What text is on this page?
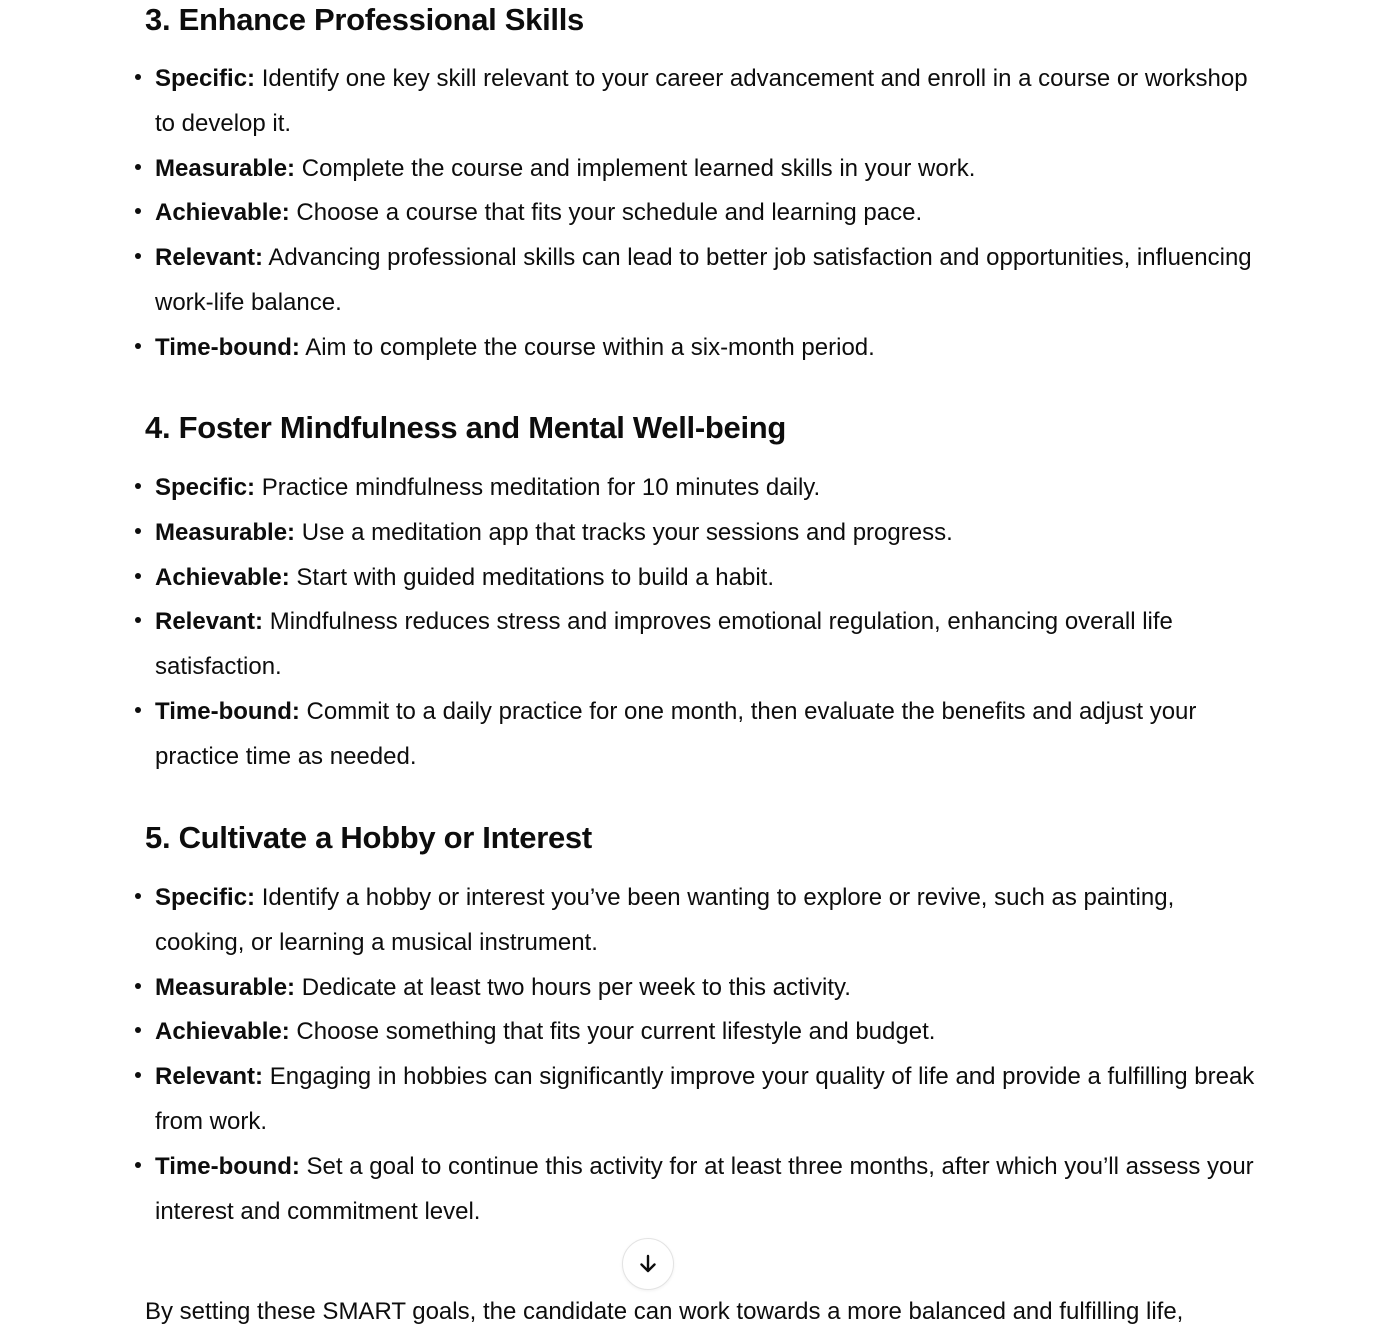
3. Enhance Professional Skills
Specific: Identify one key skill relevant to your career advancement and enroll in a course or workshop to develop it.
Measurable: Complete the course and implement learned skills in your work.
Achievable: Choose a course that fits your schedule and learning pace.
Relevant: Advancing professional skills can lead to better job satisfaction and opportunities, influencing work-life balance.
Time-bound: Aim to complete the course within a six-month period.
4. Foster Mindfulness and Mental Well-being
Specific: Practice mindfulness meditation for 10 minutes daily.
Measurable: Use a meditation app that tracks your sessions and progress.
Achievable: Start with guided meditations to build a habit.
Relevant: Mindfulness reduces stress and improves emotional regulation, enhancing overall life satisfaction.
Time-bound: Commit to a daily practice for one month, then evaluate the benefits and adjust your practice time as needed.
5. Cultivate a Hobby or Interest
Specific: Identify a hobby or interest you’ve been wanting to explore or revive, such as painting, cooking, or learning a musical instrument.
Measurable: Dedicate at least two hours per week to this activity.
Achievable: Choose something that fits your current lifestyle and budget.
Relevant: Engaging in hobbies can significantly improve your quality of life and provide a fulfilling break from work.
Time-bound: Set a goal to continue this activity for at least three months, after which you’ll assess your interest and commitment level.

By setting these SMART goals, the candidate can work towards a more balanced and fulfilling life,
